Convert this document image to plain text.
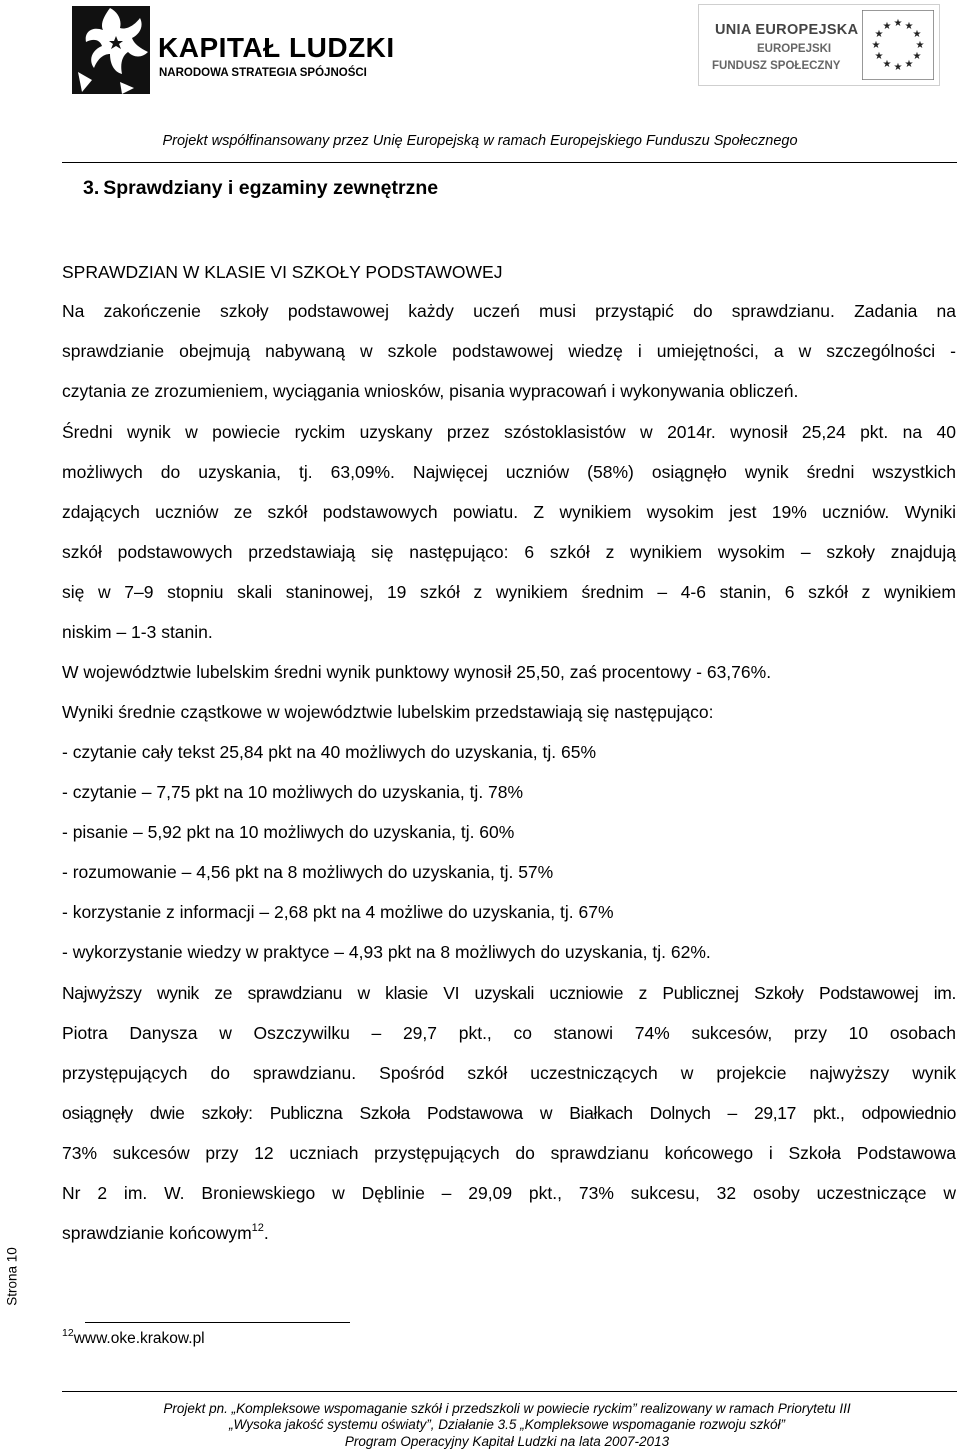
KAPITAŁ LUDZKI
NARODOWA STRATEGIA SPÓJNOŚCI
UNIA EUROPEJSKA
EUROPEJSKI
FUNDUSZ SPOŁECZNY
★ ★
★
★
★
★
★
★
★
★
★
★
Projekt współfinansowany przez Unię Europejską w ramach Europejskiego Funduszu Społecznego
3. Sprawdziany i egzaminy zewnętrzne
SPRAWDZIAN W KLASIE VI SZKOŁY PODSTAWOWEJ
Na zakończenie szkoły podstawowej każdy uczeń musi przystąpić do sprawdzianu. Zadania na
sprawdzianie obejmują nabywaną w szkole podstawowej wiedzę i umiejętności, a w szczególności -
czytania ze zrozumieniem, wyciągania wniosków, pisania wypracowań i wykonywania obliczeń.
Średni wynik w powiecie ryckim uzyskany przez szóstoklasistów w 2014r. wynosił 25,24 pkt. na 40
możliwych do uzyskania, tj. 63,09%. Najwięcej uczniów (58%) osiągnęło wynik średni wszystkich
zdających uczniów ze szkół podstawowych powiatu. Z wynikiem wysokim jest 19% uczniów. Wyniki
szkół podstawowych przedstawiają się następująco: 6 szkół z wynikiem wysokim – szkoły znajdują
się w 7–9 stopniu skali staninowej, 19 szkół z wynikiem średnim – 4-6 stanin, 6 szkół z wynikiem
niskim – 1-3 stanin.
W województwie lubelskim średni wynik punktowy wynosił 25,50, zaś procentowy - 63,76%.
Wyniki średnie cząstkowe w województwie lubelskim przedstawiają się następująco:
- czytanie cały tekst 25,84 pkt na 40 możliwych do uzyskania, tj. 65%
- czytanie – 7,75 pkt na 10 możliwych do uzyskania, tj. 78%
- pisanie – 5,92 pkt na 10 możliwych do uzyskania, tj. 60%
- rozumowanie – 4,56 pkt na 8 możliwych do uzyskania, tj. 57%
- korzystanie z informacji – 2,68 pkt na 4 możliwe do uzyskania, tj. 67%
- wykorzystanie wiedzy w praktyce – 4,93 pkt na 8 możliwych do uzyskania, tj. 62%.
Najwyższy wynik ze sprawdzianu w klasie VI uzyskali uczniowie z Publicznej Szkoły Podstawowej im.
Piotra Danysza w Oszczywilku – 29,7 pkt., co stanowi 74% sukcesów, przy 10 osobach
przystępujących do sprawdzianu. Spośród szkół uczestniczących w projekcie najwyższy wynik
osiągnęły dwie szkoły: Publiczna Szkoła Podstawowa w Białkach Dolnych – 29,17 pkt., odpowiednio
73% sukcesów przy 12 uczniach przystępujących do sprawdzianu końcowego i Szkoła Podstawowa
Nr 2 im. W. Broniewskiego w Dęblinie – 29,09 pkt., 73% sukcesu, 32 osoby uczestniczące w
sprawdzianie końcowym$^{12}$.
Strona 10
$^{12}$www.oke.krakow.pl
Projekt pn. „Kompleksowe wspomaganie szkół i przedszkoli w powiecie ryckim” realizowany w ramach Priorytetu III
„Wysoka jakość systemu oświaty”, Działanie 3.5 „Kompleksowe wspomaganie rozwoju szkół”
Program Operacyjny Kapitał Ludzki na lata 2007-2013
